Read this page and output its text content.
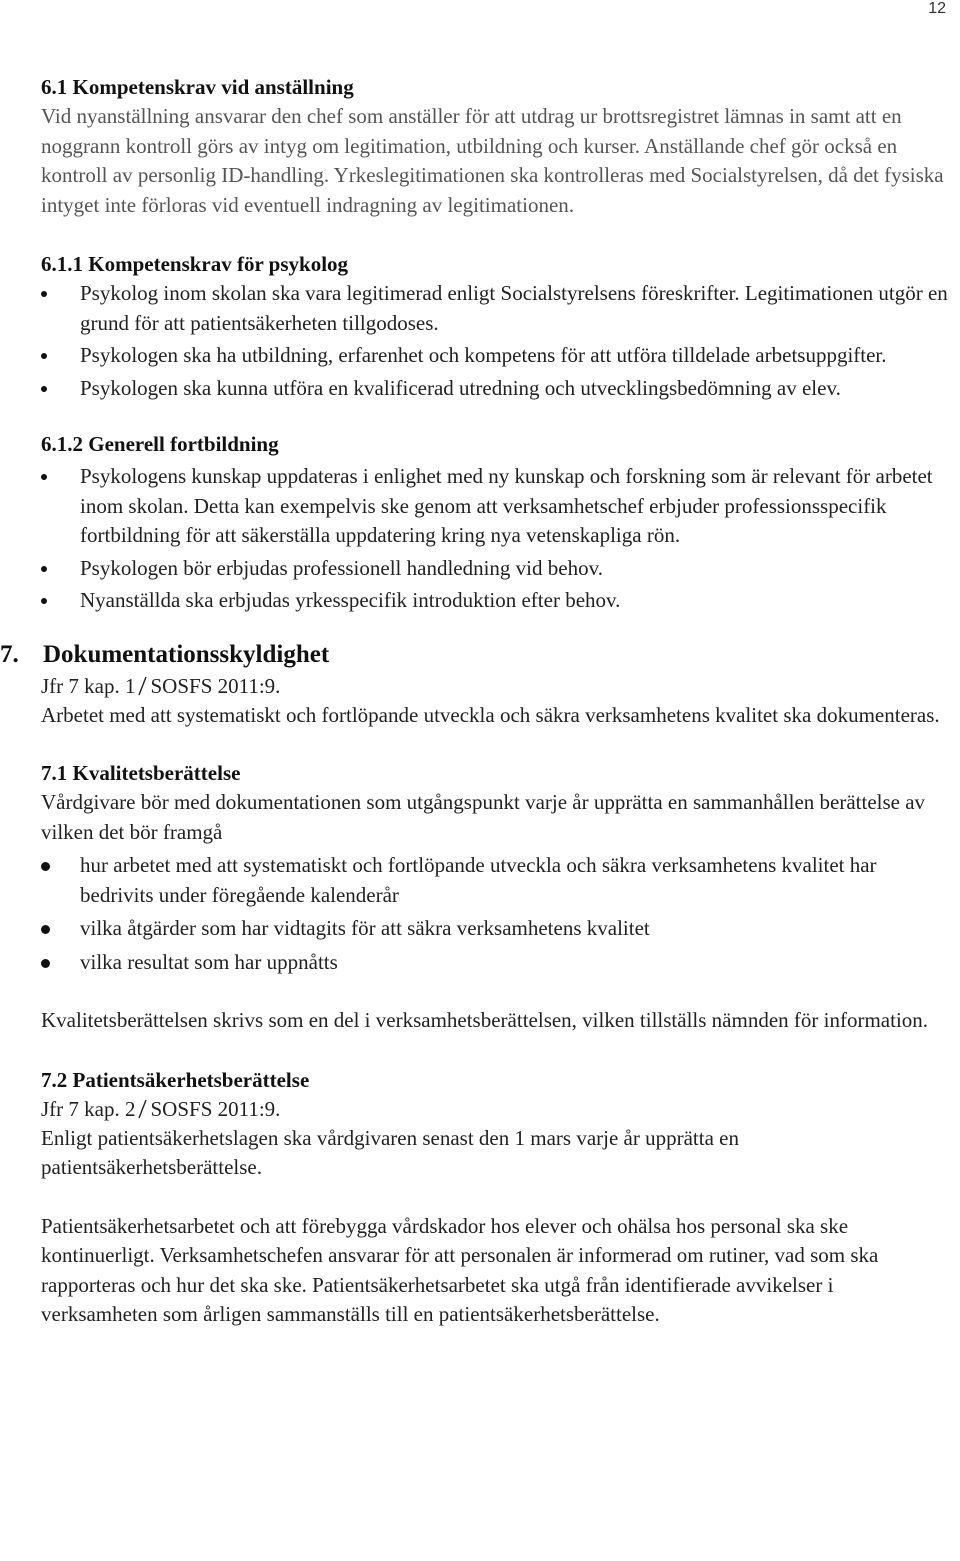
12

6.1 Kompetenskrav vid anställning

Vid nyanställning ansvarar den chef som anställer för att utdrag ur brottsregistret lämnas in samt att en noggrann kontroll görs av intyg om legitimation, utbildning och kurser. Anställande chef gör också en kontroll av personlig ID-handling. Yrkeslegitimationen ska kontrolleras med Socialstyrelsen, då det fysiska intyget inte förloras vid eventuell indragning av legitimationen.

6.1.1 Kompetenskrav för psykolog

Psykolog inom skolan ska vara legitimerad enligt Socialstyrelsens föreskrifter. Legitimationen utgör en grund för att patientsäkerheten tillgodoses.
Psykologen ska ha utbildning, erfarenhet och kompetens för att utföra tilldelade arbetsuppgifter.
Psykologen ska kunna utföra en kvalificerad utredning och utvecklingsbedömning av elev.

6.1.2 Generell fortbildning

Psykologens kunskap uppdateras i enlighet med ny kunskap och forskning som är relevant för arbetet inom skolan. Detta kan exempelvis ske genom att verksamhetschef erbjuder professionsspecifik fortbildning för att säkerställa uppdatering kring nya vetenskapliga rön.
Psykologen bör erbjudas professionell handledning vid behov.
Nyanställda ska erbjudas yrkesspecifik introduktion efter behov.
7. Dokumentationsskyldighet

Jfr 7 kap. 1 SOSFS 2011:9.

Arbetet med att systematiskt och fortlöpande utveckla och säkra verksamhetens kvalitet ska dokumenteras.

7.1 Kvalitetsberättelse

Vårdgivare bör med dokumentationen som utgångspunkt varje år upprätta en sammanhållen berättelse av vilken det bör framgå

hur arbetet med att systematiskt och fortlöpande utveckla och säkra verksamhetens kvalitet har bedrivits under föregående kalenderår
vilka åtgärder som har vidtagits för att säkra verksamhetens kvalitet
vilka resultat som har uppnåtts

Kvalitetsberättelsen skrivs som en del i verksamhetsberättelsen, vilken tillställs nämnden för information.

7.2 Patientsäkerhetsberättelse

Jfr 7 kap. 2 SOSFS 2011:9.

Enligt patientsäkerhetslagen ska vårdgivaren senast den 1 mars varje år upprätta en patientsäkerhetsberättelse.

Patientsäkerhetsarbetet och att förebygga vårdskador hos elever och ohälsa hos personal ska ske kontinuerligt. Verksamhetschefen ansvarar för att personalen är informerad om rutiner, vad som ska rapporteras och hur det ska ske. Patientsäkerhetsarbetet ska utgå från identifierade avvikelser i verksamheten som årligen sammanställs till en patientsäkerhetsberättelse.
